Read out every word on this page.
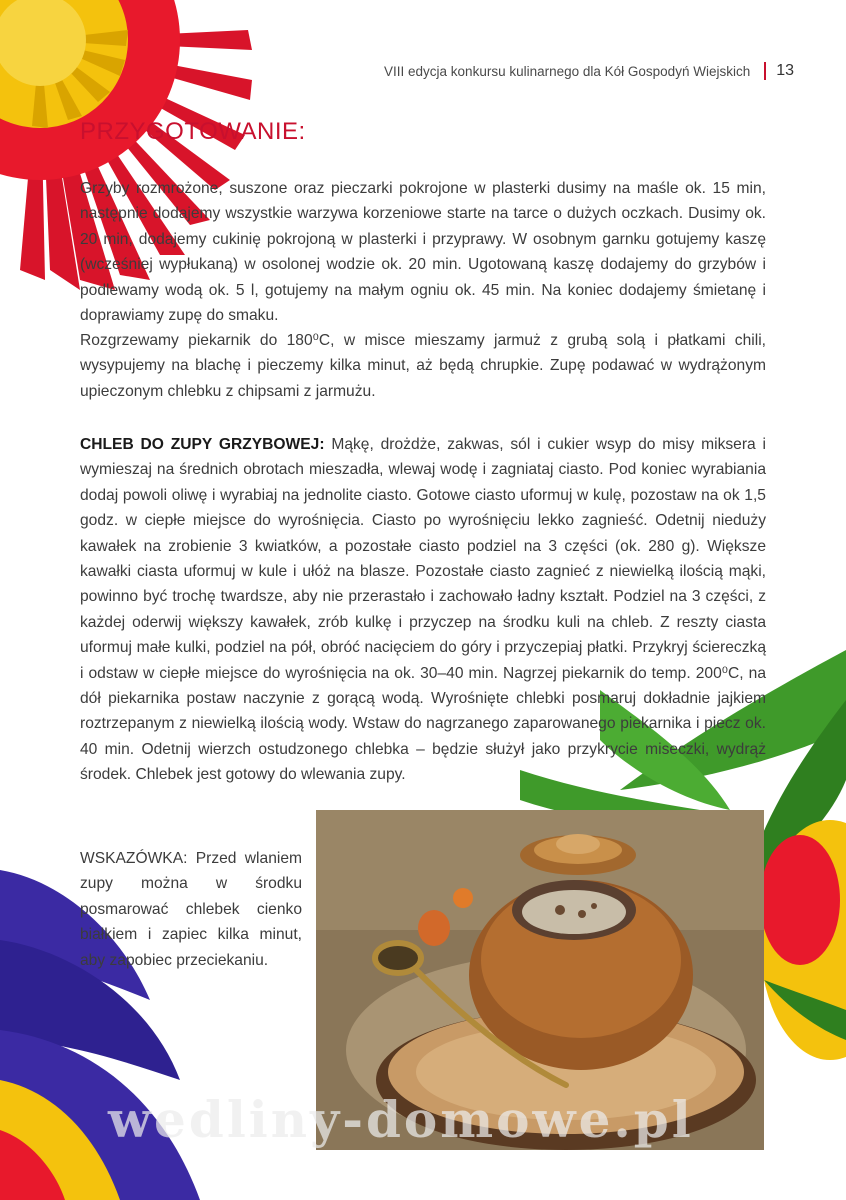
VIII edycja konkursu kulinarnego dla Kół Gospodyń Wiejskich 13
PRZYGOTOWANIE:

Grzyby rozmrożone, suszone oraz pieczarki pokrojone w plasterki dusimy na maśle ok. 15 min, następnie dodajemy wszystkie warzywa korzeniowe starte na tarce o dużych oczkach. Dusimy ok. 20 min, dodajemy cukinię pokrojoną w plasterki i przyprawy. W osobnym garnku gotujemy kaszę (wcześniej wypłukaną) w osolonej wodzie ok. 20 min. Ugotowaną kaszę dodajemy do grzybów i podlewamy wodą ok. 5 l, gotujemy na małym ogniu ok. 45 min. Na koniec dodajemy śmietanę i doprawiamy zupę do smaku.

Rozgrzewamy piekarnik do 180⁰C, w misce mieszamy jarmuż z grubą solą i płatkami chili, wysypujemy na blachę i pieczemy kilka minut, aż będą chrupkie. Zupę podawać w wydrążonym upieczonym chlebku z chipsami z jarmużu.

CHLEB DO ZUPY GRZYBOWEJ: Mąkę, drożdże, zakwas, sól i cukier wsyp do misy miksera i wymieszaj na średnich obrotach mieszadła, wlewaj wodę i zagniataj ciasto. Pod koniec wyrabiania dodaj powoli oliwę i wyrabiaj na jednolite ciasto. Gotowe ciasto uformuj w kulę, pozostaw na ok 1,5 godz. w ciepłe miejsce do wyrośnięcia. Ciasto po wyrośnięciu lekko zagnieść. Odetnij nieduży kawałek na zrobienie 3 kwiatków, a pozostałe ciasto podziel na 3 części (ok. 280 g). Większe kawałki ciasta uformuj w kule i ułóż na blasze. Pozostałe ciasto zagnieć z niewielką ilością mąki, powinno być trochę twardsze, aby nie przerastało i zachowało ładny kształt. Podziel na 3 części, z każdej oderwij większy kawałek, zrób kulkę i przyczep na środku kuli na chleb. Z reszty ciasta uformuj małe kulki, podziel na pół, obróć nacięciem do góry i przyczepiaj płatki. Przykryj ściereczką i odstaw w ciepłe miejsce do wyrośnięcia na ok. 30–40 min. Nagrzej piekarnik do temp. 200⁰C, na dół piekarnika postaw naczynie z gorącą wodą. Wyrośnięte chlebki posmaruj dokładnie jajkiem roztrzepanym z niewielką ilością wody. Wstaw do nagrzanego zaparowanego piekarnika i piecz ok. 40 min. Odetnij wierzch ostudzonego chlebka – będzie służył jako przykrycie miseczki, wydrąż środek. Chlebek jest gotowy do wlewania zupy.

WSKAZÓWKA: Przed wlaniem zupy można w środku posmarować chlebek cienko białkiem i zapiec kilka minut, aby zapobiec przeciekaniu.

wedliny-domowe.pl
